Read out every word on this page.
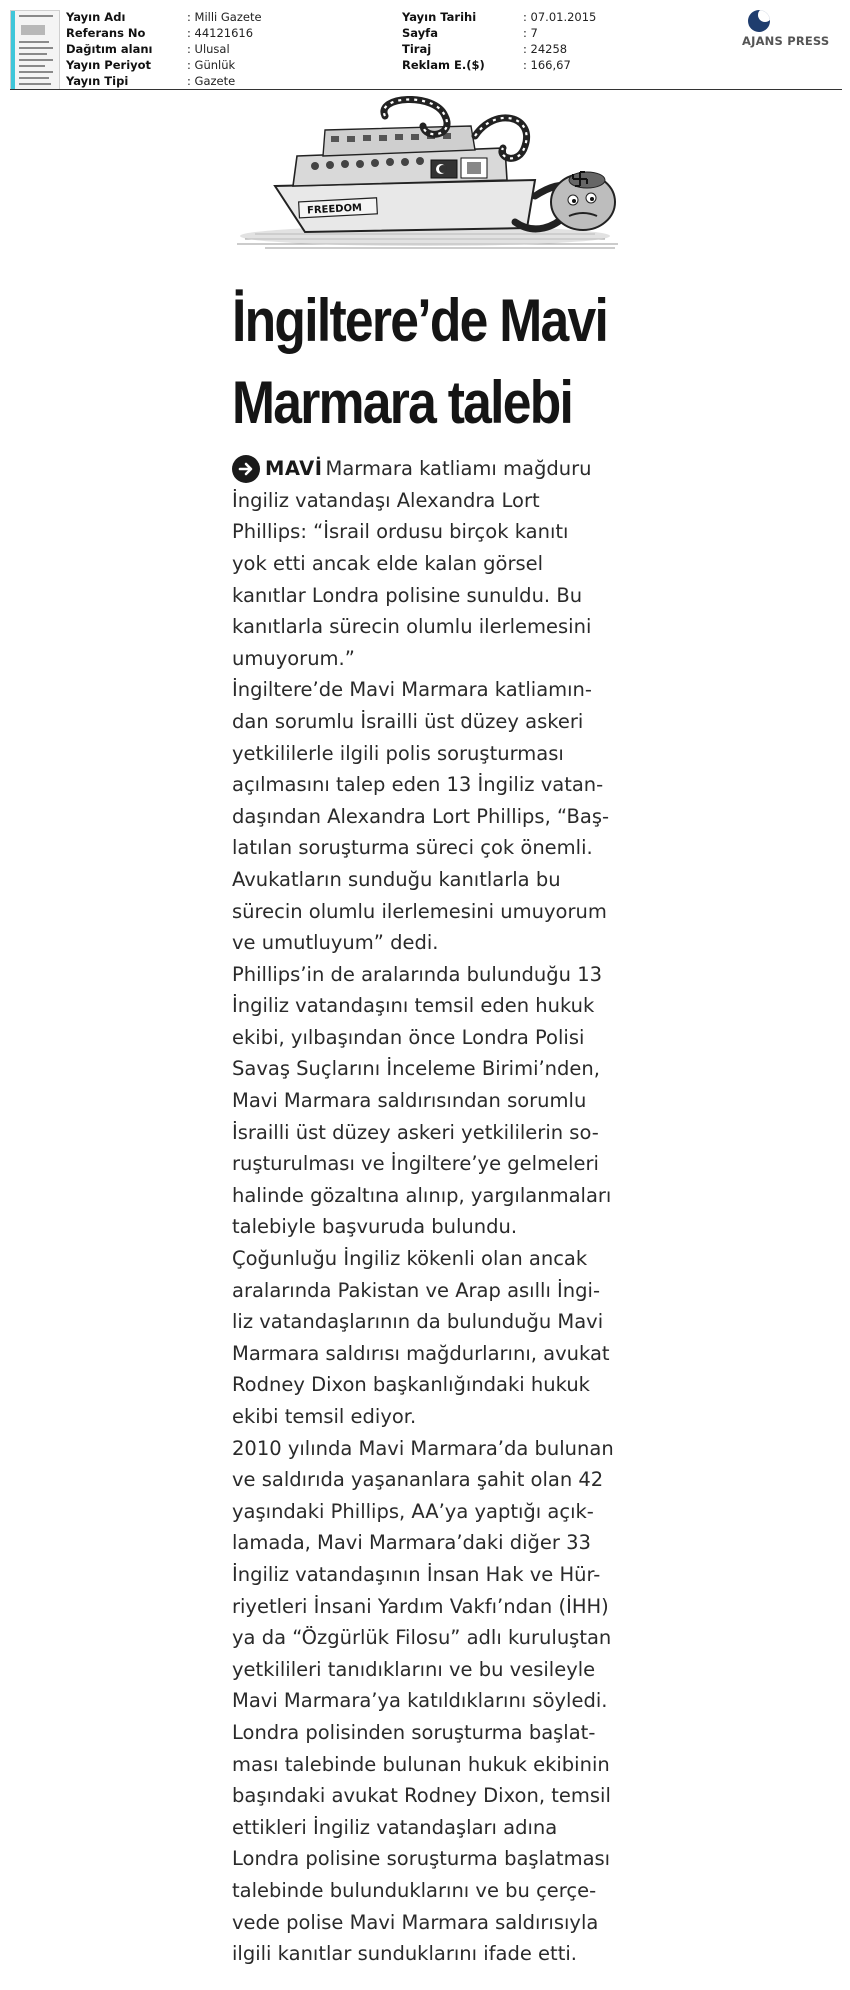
Yayın Adı	: Milli Gazete
Referans No	: 44121616
Dağıtım alanı	: Ulusal
Yayın Periyot	: Günlük
Yayın Tipi	: Gazete
Yayın Tarihi	: 07.01.2015
Sayfa	: 7
Tiraj	: 24258
Reklam E.($)	: 166,67
AJANS PRESS
FREEDOM
İngiltere’de Mavi
Marmara talebi

MAVİ Marmara katliamı mağduru

İngiliz vatandaşı Alexandra Lort

Phillips: “İsrail ordusu birçok kanıtı

yok etti ancak elde kalan görsel

kanıtlar Londra polisine sunuldu. Bu

kanıtlarla sürecin olumlu ilerlemesini

umuyorum.”

İngiltere’de Mavi Marmara katliamın-

dan sorumlu İsrailli üst düzey askeri

yetkililerle ilgili polis soruşturması

açılmasını talep eden 13 İngiliz vatan-

daşından Alexandra Lort Phillips, “Baş-

latılan soruşturma süreci çok önemli.

Avukatların sunduğu kanıtlarla bu

sürecin olumlu ilerlemesini umuyorum

ve umutluyum” dedi.

Phillips’in de aralarında bulunduğu 13

İngiliz vatandaşını temsil eden hukuk

ekibi, yılbaşından önce Londra Polisi

Savaş Suçlarını İnceleme Birimi’nden,

Mavi Marmara saldırısından sorumlu

İsrailli üst düzey askeri yetkililerin so-

ruşturulması ve İngiltere’ye gelmeleri

halinde gözaltına alınıp, yargılanmaları

talebiyle başvuruda bulundu.

Çoğunluğu İngiliz kökenli olan ancak

aralarında Pakistan ve Arap asıllı İngi-

liz vatandaşlarının da bulunduğu Mavi

Marmara saldırısı mağdurlarını, avukat

Rodney Dixon başkanlığındaki hukuk

ekibi temsil ediyor.

2010 yılında Mavi Marmara’da bulunan

ve saldırıda yaşananlara şahit olan 42

yaşındaki Phillips, AA’ya yaptığı açık-

lamada, Mavi Marmara’daki diğer 33

İngiliz vatandaşının İnsan Hak ve Hür-

riyetleri İnsani Yardım Vakfı’ndan (İHH)

ya da “Özgürlük Filosu” adlı kuruluştan

yetkilileri tanıdıklarını ve bu vesileyle

Mavi Marmara’ya katıldıklarını söyledi.

Londra polisinden soruşturma başlat-

ması talebinde bulunan hukuk ekibinin

başındaki avukat Rodney Dixon, temsil

ettikleri İngiliz vatandaşları adına

Londra polisine soruşturma başlatması

talebinde bulunduklarını ve bu çerçe-

vede polise Mavi Marmara saldırısıyla

ilgili kanıtlar sunduklarını ifade etti.
